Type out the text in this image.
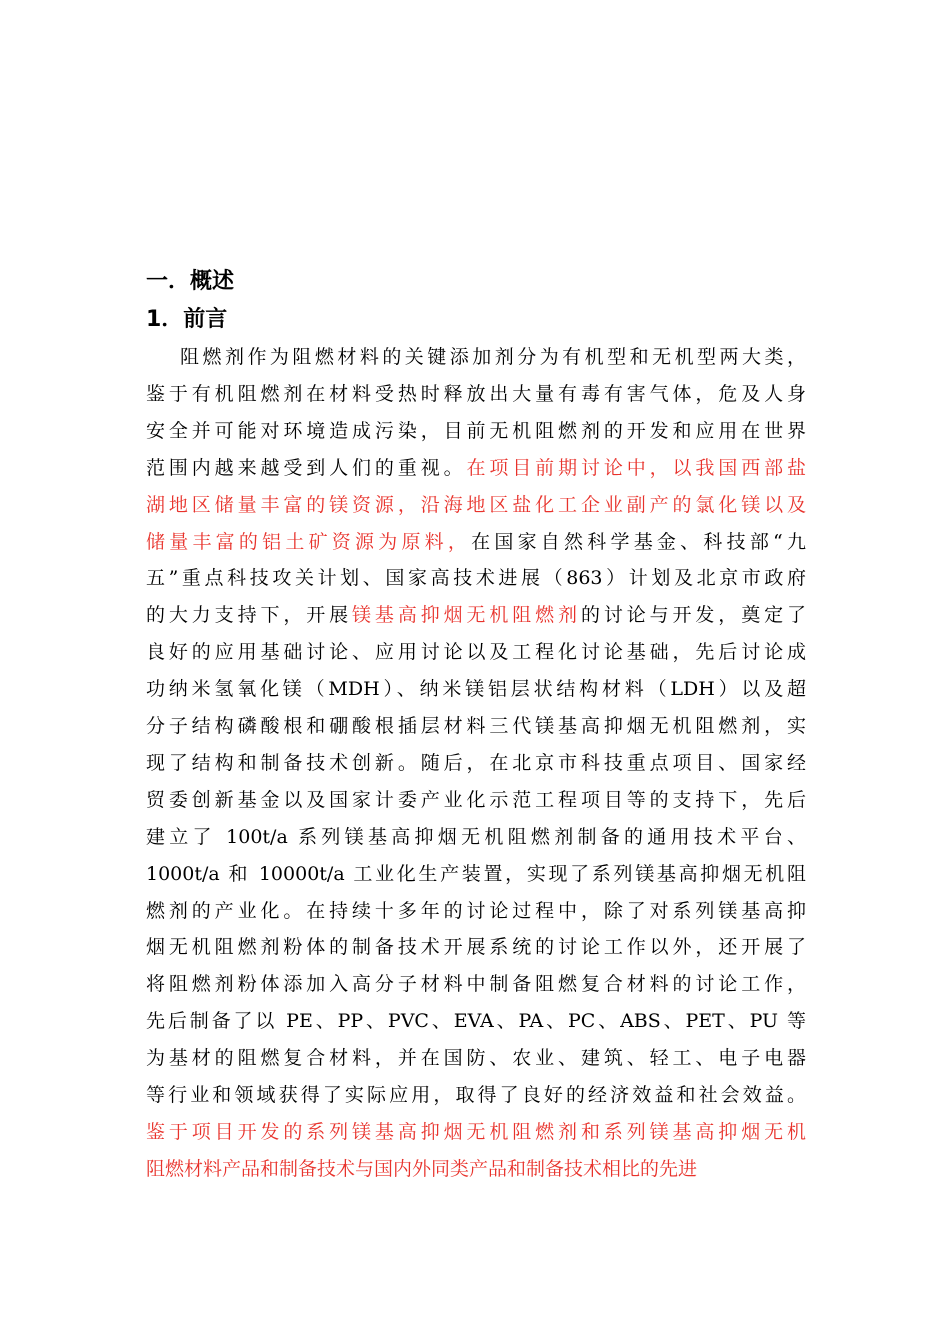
一．概述
1．前言
阻燃剂作为阻燃材料的关键添加剂分为有机型和无机型两大类，
鉴于有机阻燃剂在材料受热时释放出大量有毒有害气体，危及人身
安全并可能对环境造成污染，目前无机阻燃剂的开发和应用在世界
范围内越来越受到人们的重视。在项目前期讨论中，以我国西部盐
湖地区储量丰富的镁资源，沿海地区盐化工企业副产的氯化镁以及
储量丰富的铝土矿资源为原料，在国家自然科学基金、科技部“九
五”重点科技攻关计划、国家高技术进展（863）计划及北京市政府
的大力支持下，开展镁基高抑烟无机阻燃剂的讨论与开发，奠定了
良好的应用基础讨论、应用讨论以及工程化讨论基础，先后讨论成
功纳米氢氧化镁（MDH）、纳米镁铝层状结构材料（LDH）以及超
分子结构磷酸根和硼酸根插层材料三代镁基高抑烟无机阻燃剂，实
现了结构和制备技术创新。随后，在北京市科技重点项目、国家经
贸委创新基金以及国家计委产业化示范工程项目等的支持下，先后
建立了 100t/a 系列镁基高抑烟无机阻燃剂制备的通用技术平台、
1000t/a 和 10000t/a 工业化生产装置，实现了系列镁基高抑烟无机阻
燃剂的产业化。在持续十多年的讨论过程中，除了对系列镁基高抑
烟无机阻燃剂粉体的制备技术开展系统的讨论工作以外，还开展了
将阻燃剂粉体添加入高分子材料中制备阻燃复合材料的讨论工作，
先后制备了以 PE、PP、PVC、EVA、PA、PC、ABS、PET、PU 等
为基材的阻燃复合材料，并在国防、农业、建筑、轻工、电子电器
等行业和领域获得了实际应用，取得了良好的经济效益和社会效益。
鉴于项目开发的系列镁基高抑烟无机阻燃剂和系列镁基高抑烟无机
阻燃材料产品和制备技术与国内外同类产品和制备技术相比的先进
